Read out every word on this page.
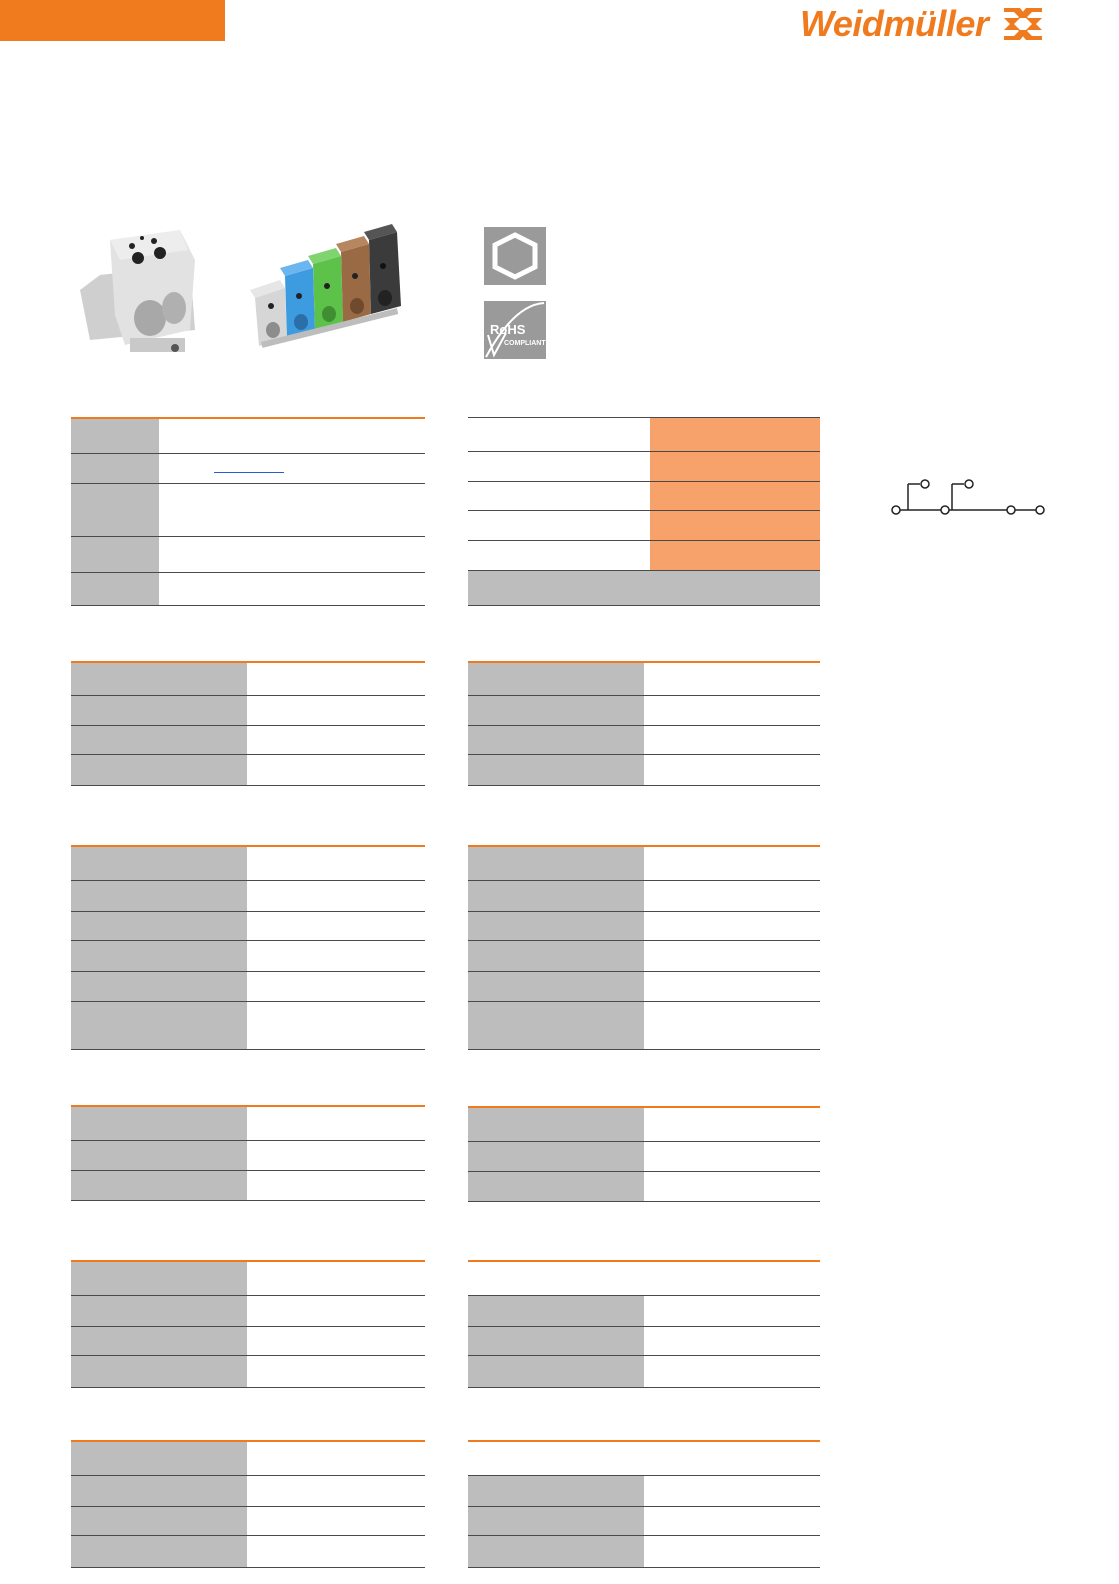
Weidmüller
RoHS
COMPLIANT
